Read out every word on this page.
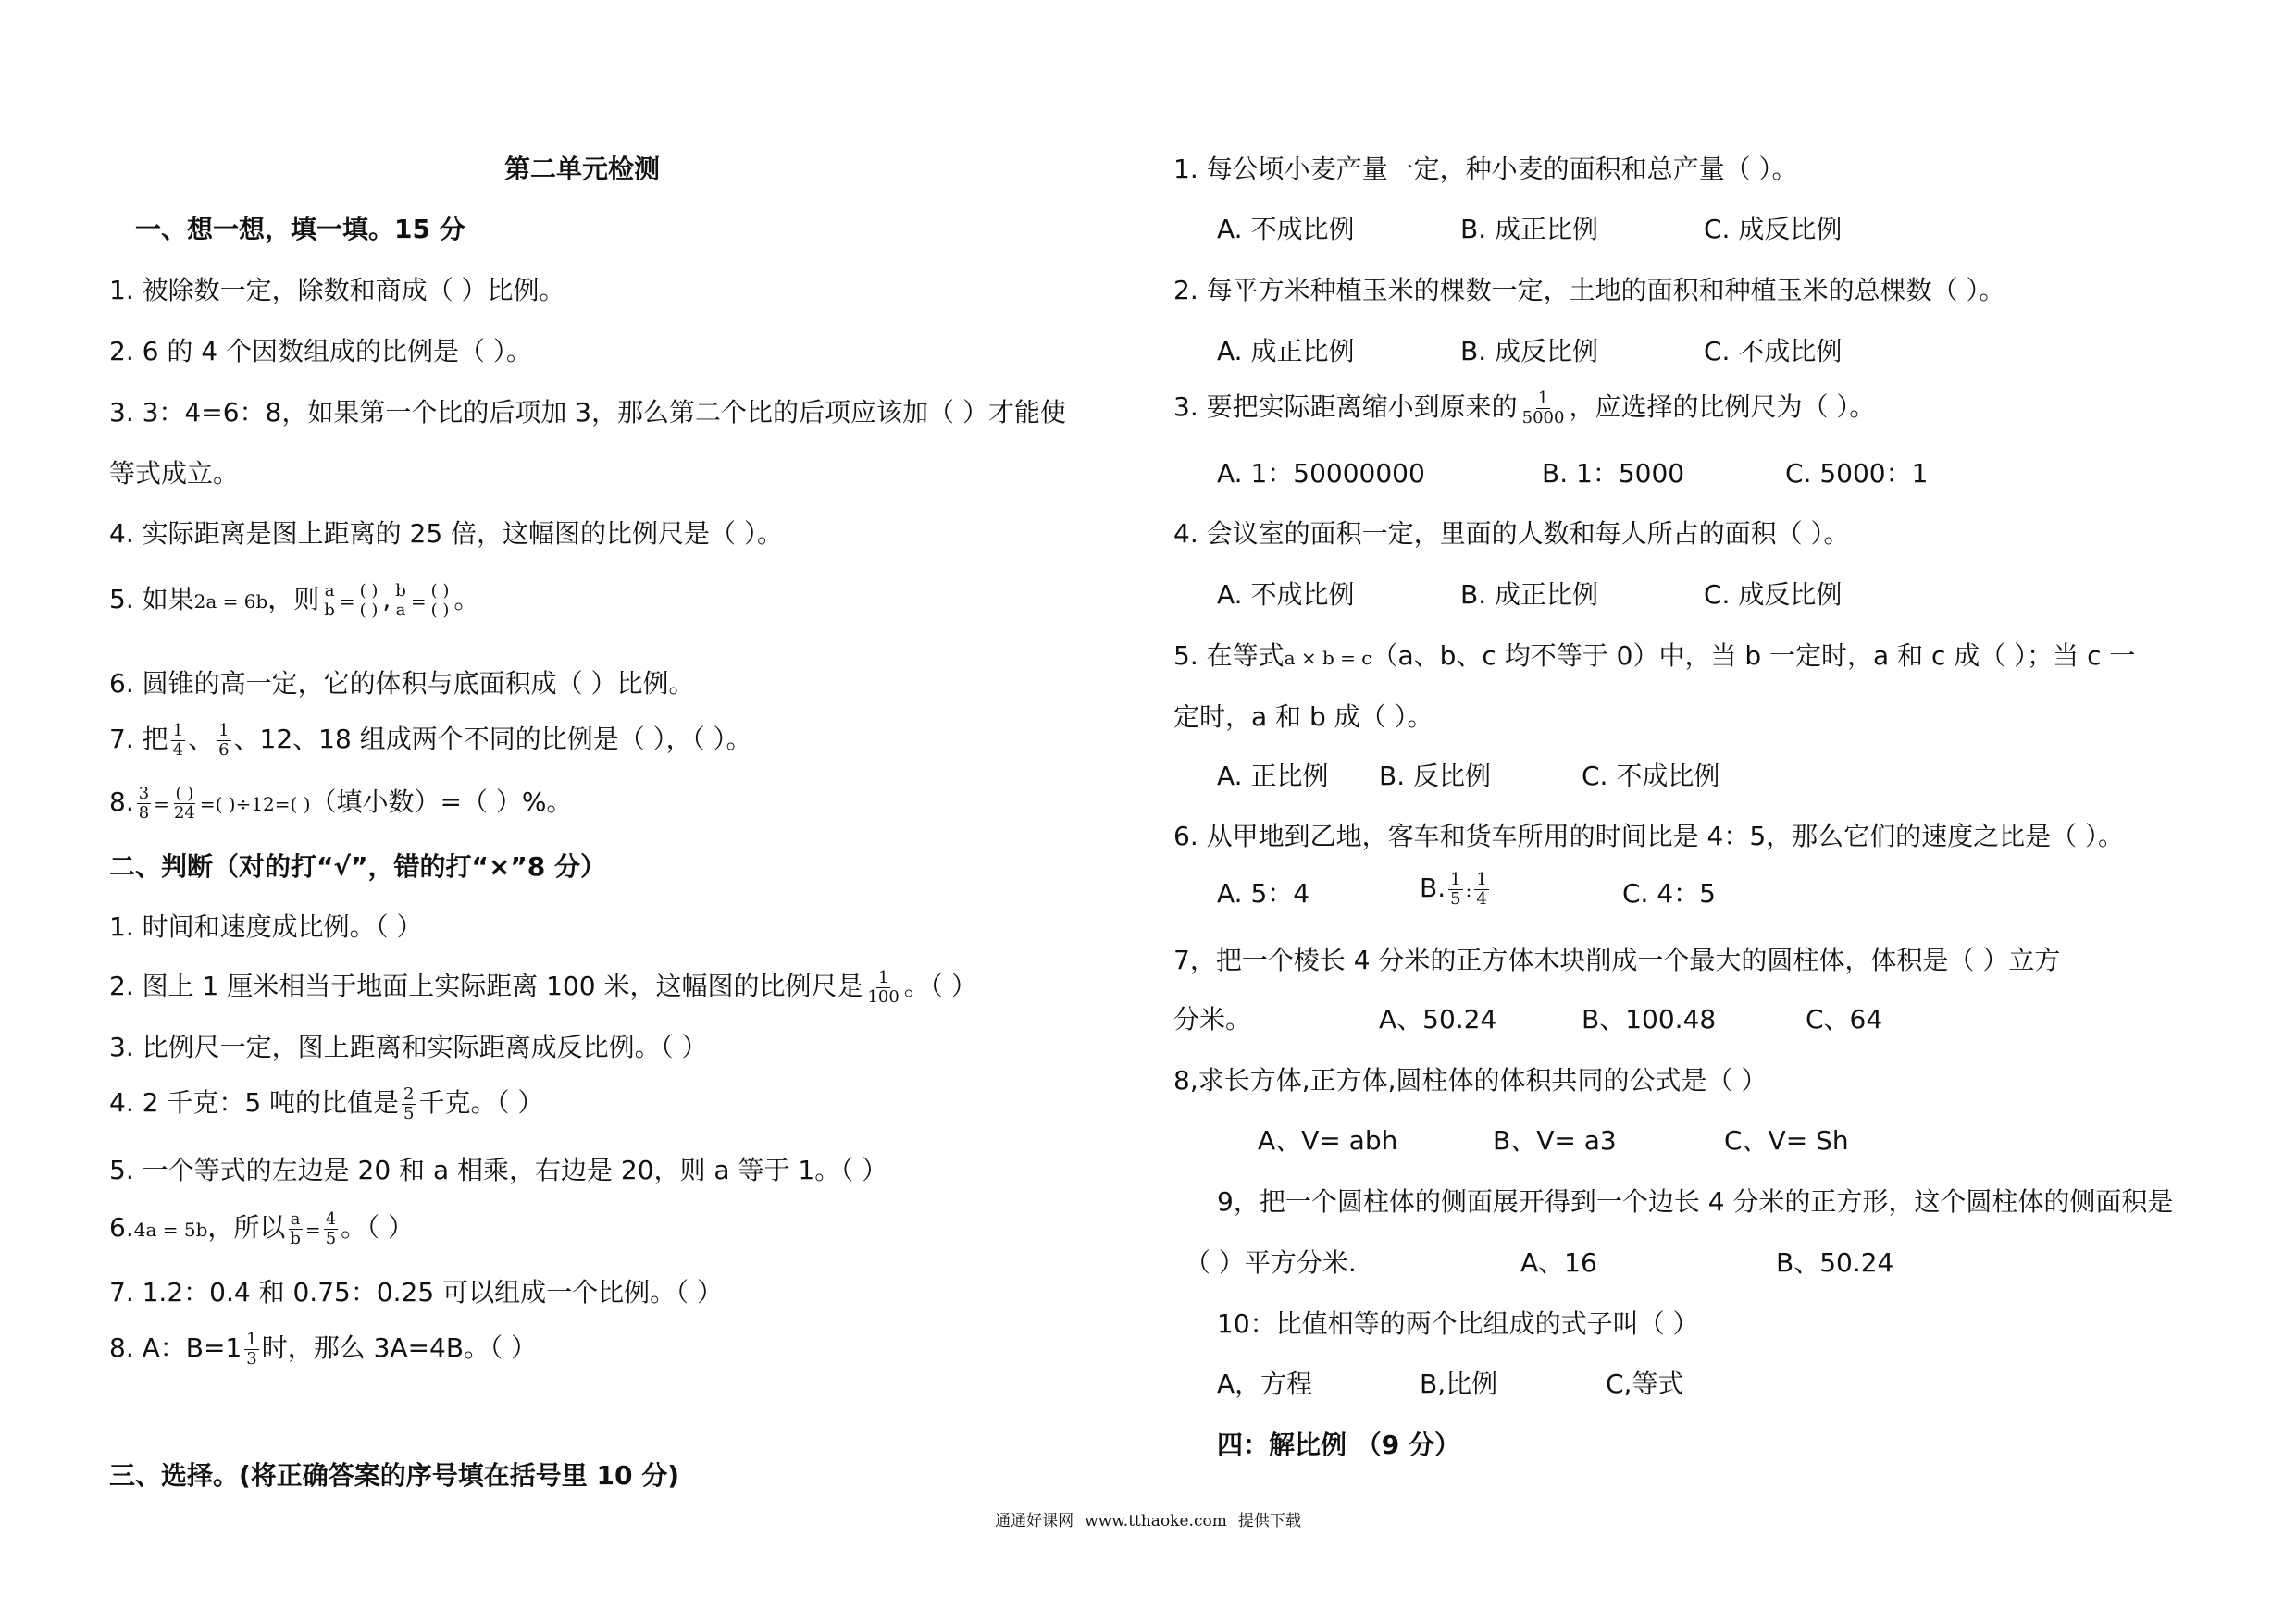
第二单元检测
一、想一想，填一填。15 分
1. 被除数一定，除数和商成（ ）比例。
2. 6 的 4 个因数组成的比例是（ ）。
3. 3：4=6：8，如果第一个比的后项加 3，那么第二个比的后项应该加（ ）才能使
等式成立。
4. 实际距离是图上距离的 25 倍，这幅图的比例尺是（ ）。
5. 如果2a = 6b，则 $\frac{a}{b} = \frac{( )}{( )}$ , $\frac{b}{a} = \frac{( )}{( )}$ 。
6. 圆锥的高一定，它的体积与底面积成（ ）比例。
7. 把 $\frac{1}{4}$ 、 $\frac{1}{6}$ 、12、18 组成两个不同的比例是（ ），（ ）。
8. $\frac{3}{8} = \frac{( )}{24}$ =( )÷12=( )（填小数）=（ ）%。
二、判断（对的打“√”，错的打“×”8 分）
1. 时间和速度成比例。（ ）
2. 图上 1 厘米相当于地面上实际距离 100 米，这幅图的比例尺是 $\frac{1}{100}$ 。（ ）
3. 比例尺一定，图上距离和实际距离成反比例。（ ）
4. 2 千克：5 吨的比值是 $\frac{2}{5}$ 千克。（ ）
5. 一个等式的左边是 20 和 a 相乘，右边是 20，则 a 等于 1。（ ）
6.4a = 5b，所以 $\frac{a}{b} = \frac{4}{5}$ 。（ ）
7. 1.2：0.4 和 0.75：0.25 可以组成一个比例。（ ）
8. A：$B=1 \frac{1}{3}$ 时，那么 3A=4B。（ ）
三、选择。(将正确答案的序号填在括号里 10 分)
1. 每公顷小麦产量一定，种小麦的面积和总产量（ ）。
A. 不成比例	B. 成正比例	C. 成反比例
2. 每平方米种植玉米的棵数一定，土地的面积和种植玉米的总棵数（ ）。
A. 成正比例	B. 成反比例	C. 不成比例
3. 要把实际距离缩小到原来的 $\frac{1}{5000}$ ，应选择的比例尺为（ ）。
A. 1：50000000	B. 1：5000	C. 5000：1
4. 会议室的面积一定，里面的人数和每人所占的面积（ ）。
A. 不成比例	B. 成正比例	C. 成反比例
5. 在等式a × b = c（a、b、c 均不等于 0）中，当 b 一定时，a 和 c 成（ ）；当 c 一
定时，a 和 b 成（ ）。
A. 正比例 B. 反比例	C. 不成比例
6. 从甲地到乙地，客车和货车所用的时间比是 4：5，那么它们的速度之比是（ ）。
A. 5：4	B. $\frac{1}{5}$ : $\frac{1}{4}$	C. 4：5
7，把一个棱长 4 分米的正方体木块削成一个最大的圆柱体，体积是（ ）立方
分米。	A、50.24	B、100.48	C、64
8,求长方体,正方体,圆柱体的体积共同的公式是（ ）
A、V= abh	B、V= a3	C、V= Sh
9，把一个圆柱体的侧面展开得到一个边长 4 分米的正方形，这个圆柱体的侧面积是
（ ）平方分米.	A、16	B、50.24
10：比值相等的两个比组成的式子叫（ ）
A，方程	B,比例	C,等式
四：解比例 （9 分）
通通好课网 www.tthaoke.com 提供下载
